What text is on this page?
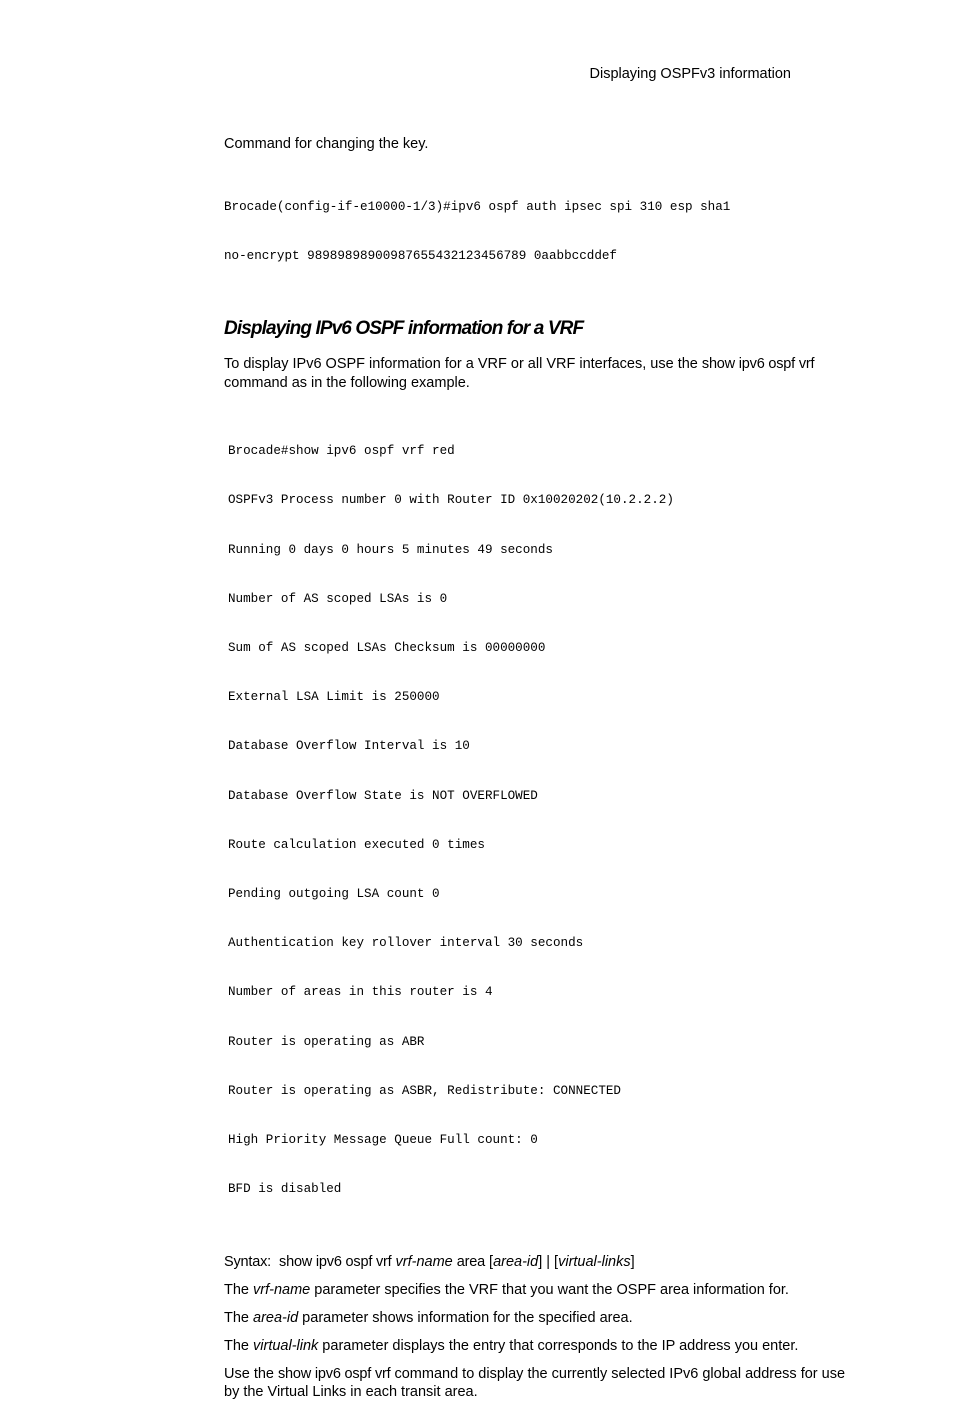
Displaying OSPFv3 information

Command for changing the key.

Brocade(config-if-e10000-1/3)#ipv6 ospf auth ipsec spi 310 esp sha1

no-encrypt 98989898900987655432123456789 0aabbccddef

Displaying IPv6 OSPF information for a VRF

To display IPv6 OSPF information for a VRF or all VRF interfaces, use the show ipv6 ospf vrf
command as in the following example.

Brocade#show ipv6 ospf vrf red

OSPFv3 Process number 0 with Router ID 0x10020202(10.2.2.2)

Running 0 days 0 hours 5 minutes 49 seconds

Number of AS scoped LSAs is 0

Sum of AS scoped LSAs Checksum is 00000000

External LSA Limit is 250000

Database Overflow Interval is 10

Database Overflow State is NOT OVERFLOWED

Route calculation executed 0 times

Pending outgoing LSA count 0

Authentication key rollover interval 30 seconds

Number of areas in this router is 4

Router is operating as ABR

Router is operating as ASBR, Redistribute: CONNECTED

High Priority Message Queue Full count: 0

BFD is disabled

Syntax: show ipv6 ospf vrf vrf-name area [area-id] | [virtual-links]

The vrf-name parameter specifies the VRF that you want the OSPF area information for.

The area-id parameter shows information for the specified area.

The virtual-link parameter displays the entry that corresponds to the IP address you enter.

Use the show ipv6 ospf vrf command to display the currently selected IPv6 global address for use by the Virtual Links in each transit area.
